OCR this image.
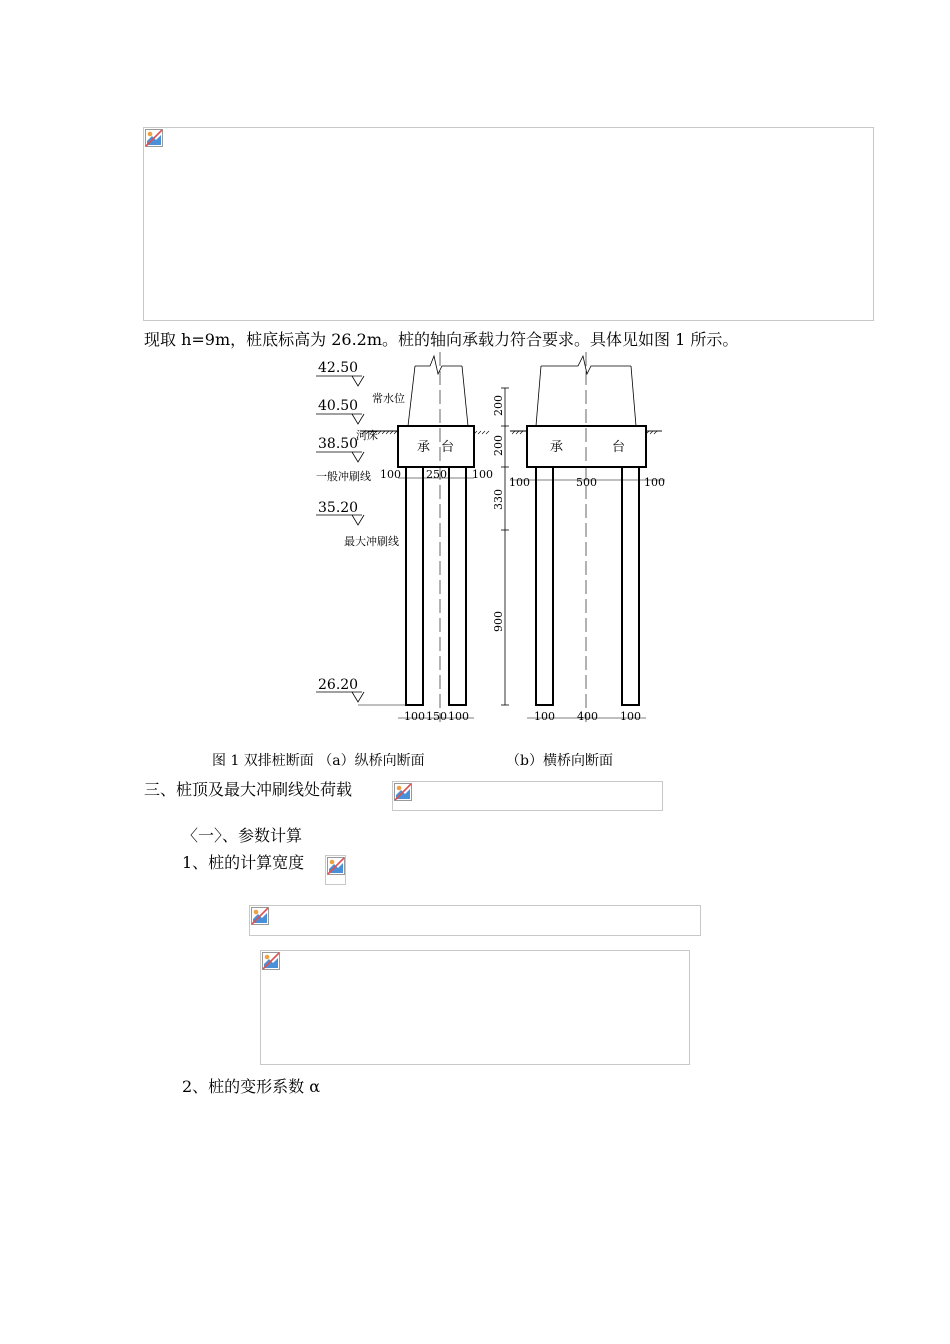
现取 h=9m，桩底标高为 26.2m。桩的轴向承载力符合要求。具体见如图 1 所示。
42.50
40.50
38.50
35.20
26.20
常水位
河床
一般冲刷线
最大冲刷线
承 台	承	台
200
200
330
900
100 250 100
100 150 100
100	500	100
100 400 100
图 1 双排桩断面 （a）纵桥向断面	（b）横桥向断面
三、桩顶及最大冲刷线处荷载
〈一〉、参数计算
1、桩的计算宽度
2、桩的变形系数 α
